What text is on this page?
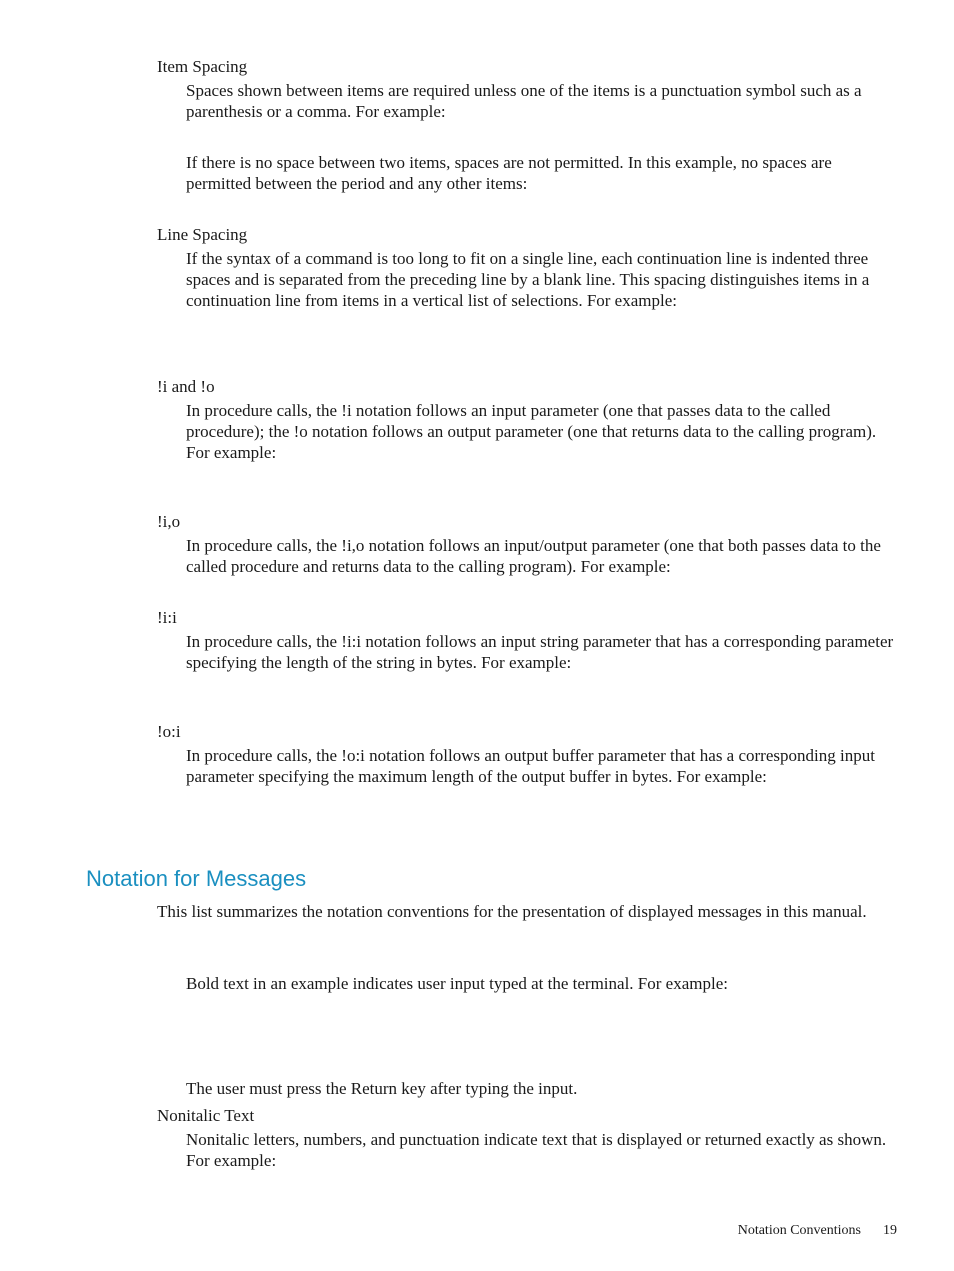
Item Spacing

Spaces shown between items are required unless one of the items is a punctuation symbol such as a parenthesis or a comma. For example:

If there is no space between two items, spaces are not permitted. In this example, no spaces are permitted between the period and any other items:

Line Spacing

If the syntax of a command is too long to fit on a single line, each continuation line is indented three spaces and is separated from the preceding line by a blank line. This spacing distinguishes items in a continuation line from items in a vertical list of selections. For example:

!i and !o

In procedure calls, the !i notation follows an input parameter (one that passes data to the called procedure); the !o notation follows an output parameter (one that returns data to the calling program). For example:

!i,o

In procedure calls, the !i,o notation follows an input/output parameter (one that both passes data to the called procedure and returns data to the calling program). For example:

!i:i

In procedure calls, the !i:i notation follows an input string parameter that has a corresponding parameter specifying the length of the string in bytes. For example:

!o:i

In procedure calls, the !o:i notation follows an output buffer parameter that has a corresponding input parameter specifying the maximum length of the output buffer in bytes. For example:

Notation for Messages

This list summarizes the notation conventions for the presentation of displayed messages in this manual.

Bold text in an example indicates user input typed at the terminal. For example:

The user must press the Return key after typing the input.

Nonitalic Text

Nonitalic letters, numbers, and punctuation indicate text that is displayed or returned exactly as shown. For example:

Notation Conventions 19
